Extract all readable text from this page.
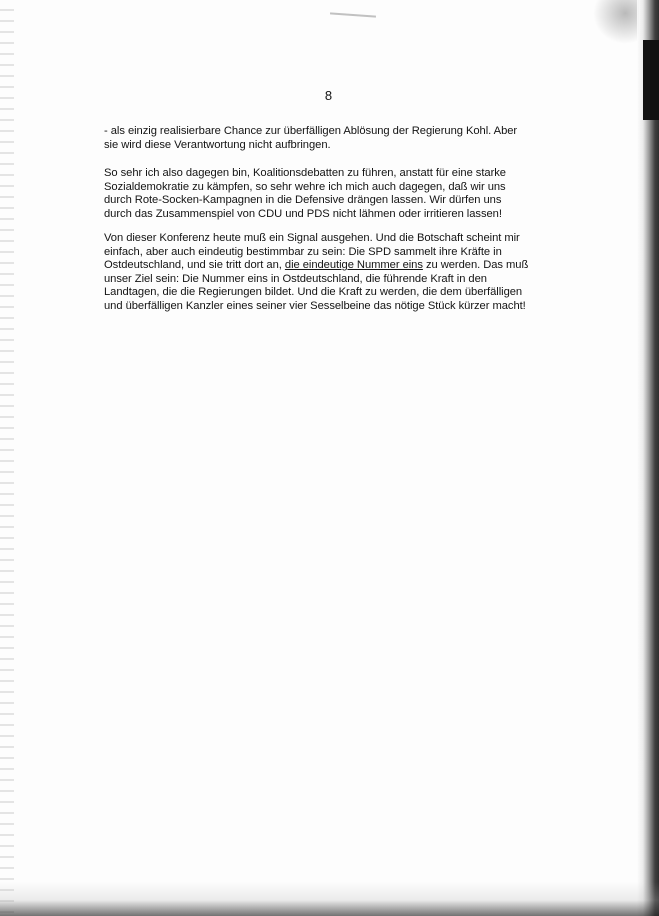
8
- als einzig realisierbare Chance zur überfälligen Ablösung der Regierung Kohl. Aber
sie wird diese Verantwortung nicht aufbringen.
So sehr ich also dagegen bin, Koalitionsdebatten zu führen, anstatt für eine starke
Sozialdemokratie zu kämpfen, so sehr wehre ich mich auch dagegen, daß wir uns
durch Rote-Socken-Kampagnen in die Defensive drängen lassen. Wir dürfen uns
durch das Zusammenspiel von CDU und PDS nicht lähmen oder irritieren lassen!
Von dieser Konferenz heute muß ein Signal ausgehen. Und die Botschaft scheint mir
einfach, aber auch eindeutig bestimmbar zu sein: Die SPD sammelt ihre Kräfte in
Ostdeutschland, und sie tritt dort an, die eindeutige Nummer eins zu werden. Das muß
unser Ziel sein: Die Nummer eins in Ostdeutschland, die führende Kraft in den
Landtagen, die die Regierungen bildet. Und die Kraft zu werden, die dem überfälligen
und überfälligen Kanzler eines seiner vier Sesselbeine das nötige Stück kürzer macht!
